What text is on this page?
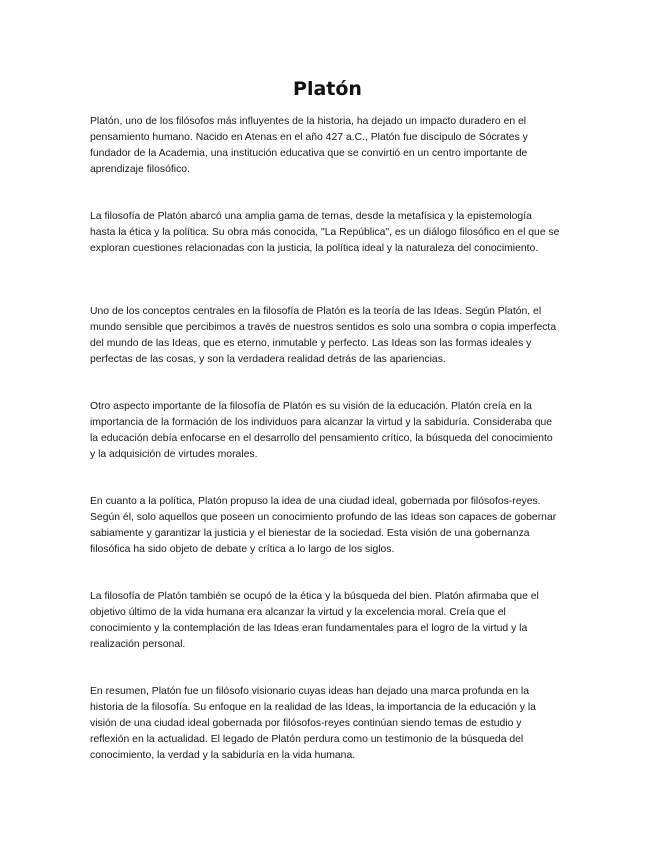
Platón

Platón, uno de los filósofos más influyentes de la historia, ha dejado un impacto duradero en el pensamiento humano. Nacido en Atenas en el año 427 a.C., Platón fue discípulo de Sócrates y fundador de la Academia, una institución educativa que se convirtió en un centro importante de aprendizaje filosófico.

La filosofía de Platón abarcó una amplia gama de temas, desde la metafísica y la epistemología hasta la ética y la política. Su obra más conocida, "La República", es un diálogo filosófico en el que se exploran cuestiones relacionadas con la justicia, la política ideal y la naturaleza del conocimiento.

Uno de los conceptos centrales en la filosofía de Platón es la teoría de las Ideas. Según Platón, el mundo sensible que percibimos a través de nuestros sentidos es solo una sombra o copia imperfecta del mundo de las Ideas, que es eterno, inmutable y perfecto. Las Ideas son las formas ideales y perfectas de las cosas, y son la verdadera realidad detrás de las apariencias.

Otro aspecto importante de la filosofía de Platón es su visión de la educación. Platón creía en la importancia de la formación de los individuos para alcanzar la virtud y la sabiduría. Consideraba que la educación debía enfocarse en el desarrollo del pensamiento crítico, la búsqueda del conocimiento y la adquisición de virtudes morales.

En cuanto a la política, Platón propuso la idea de una ciudad ideal, gobernada por filósofos-reyes. Según él, solo aquellos que poseen un conocimiento profundo de las Ideas son capaces de gobernar sabiamente y garantizar la justicia y el bienestar de la sociedad. Esta visión de una gobernanza filosófica ha sido objeto de debate y crítica a lo largo de los siglos.

La filosofía de Platón también se ocupó de la ética y la búsqueda del bien. Platón afirmaba que el objetivo último de la vida humana era alcanzar la virtud y la excelencia moral. Creía que el conocimiento y la contemplación de las Ideas eran fundamentales para el logro de la virtud y la realización personal.

En resumen, Platón fue un filósofo visionario cuyas ideas han dejado una marca profunda en la historia de la filosofía. Su enfoque en la realidad de las Ideas, la importancia de la educación y la visión de una ciudad ideal gobernada por filósofos-reyes continúan siendo temas de estudio y reflexión en la actualidad. El legado de Platón perdura como un testimonio de la búsqueda del conocimiento, la verdad y la sabiduría en la vida humana.
